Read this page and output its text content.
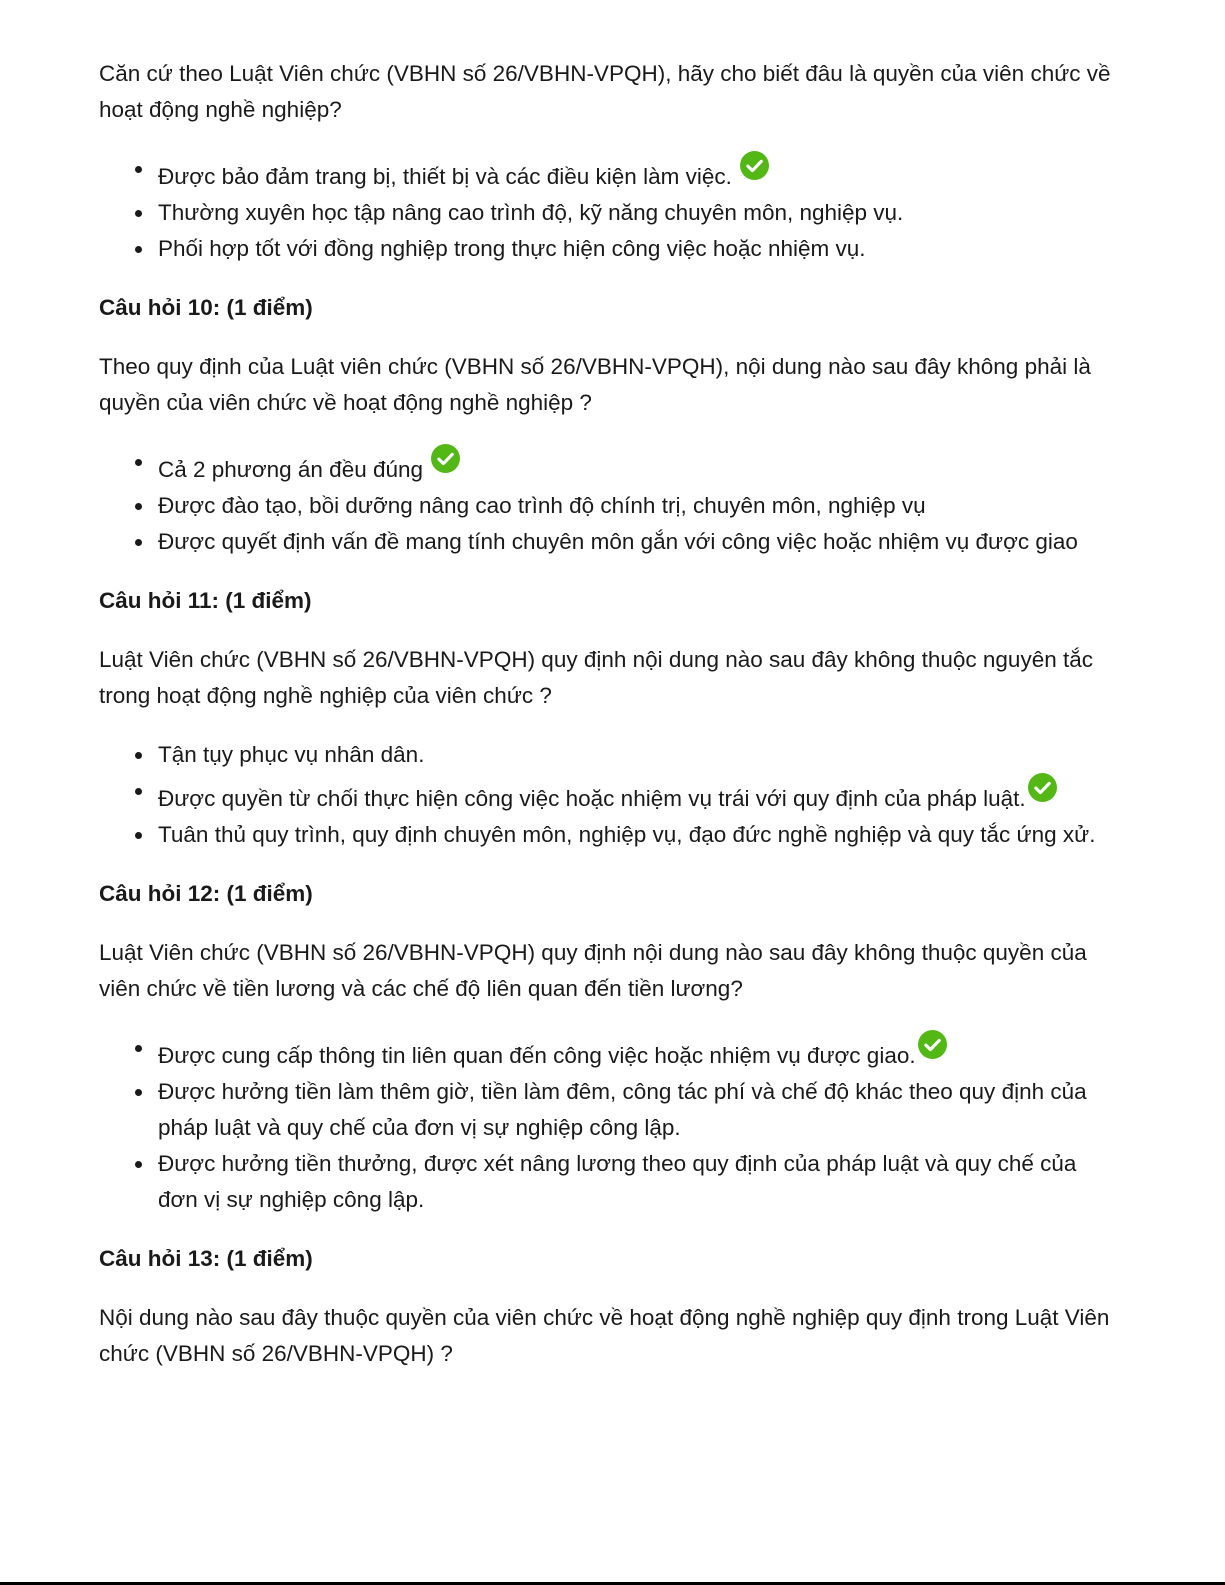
Căn cứ theo Luật Viên chức (VBHN số 26/VBHN-VPQH), hãy cho biết đâu là quyền của viên chức về hoạt động nghề nghiệp?

Được bảo đảm trang bị, thiết bị và các điều kiện làm việc.
Thường xuyên học tập nâng cao trình độ, kỹ năng chuyên môn, nghiệp vụ.
Phối hợp tốt với đồng nghiệp trong thực hiện công việc hoặc nhiệm vụ.
Câu hỏi 10: (1 điểm)

Theo quy định của Luật viên chức (VBHN số 26/VBHN-VPQH), nội dung nào sau đây không phải là quyền của viên chức về hoạt động nghề nghiệp ?

Cả 2 phương án đều đúng
Được đào tạo, bồi dưỡng nâng cao trình độ chính trị, chuyên môn, nghiệp vụ
Được quyết định vấn đề mang tính chuyên môn gắn với công việc hoặc nhiệm vụ được giao
Câu hỏi 11: (1 điểm)

Luật Viên chức (VBHN số 26/VBHN-VPQH) quy định nội dung nào sau đây không thuộc nguyên tắc trong hoạt động nghề nghiệp của viên chức ?

Tận tụy phục vụ nhân dân.
Được quyền từ chối thực hiện công việc hoặc nhiệm vụ trái với quy định của pháp luật.
Tuân thủ quy trình, quy định chuyên môn, nghiệp vụ, đạo đức nghề nghiệp và quy tắc ứng xử.
Câu hỏi 12: (1 điểm)

Luật Viên chức (VBHN số 26/VBHN-VPQH) quy định nội dung nào sau đây không thuộc quyền của viên chức về tiền lương và các chế độ liên quan đến tiền lương?

Được cung cấp thông tin liên quan đến công việc hoặc nhiệm vụ được giao.
Được hưởng tiền làm thêm giờ, tiền làm đêm, công tác phí và chế độ khác theo quy định của pháp luật và quy chế của đơn vị sự nghiệp công lập.
Được hưởng tiền thưởng, được xét nâng lương theo quy định của pháp luật và quy chế của đơn vị sự nghiệp công lập.
Câu hỏi 13: (1 điểm)

Nội dung nào sau đây thuộc quyền của viên chức về hoạt động nghề nghiệp quy định trong Luật Viên chức (VBHN số 26/VBHN-VPQH) ?
